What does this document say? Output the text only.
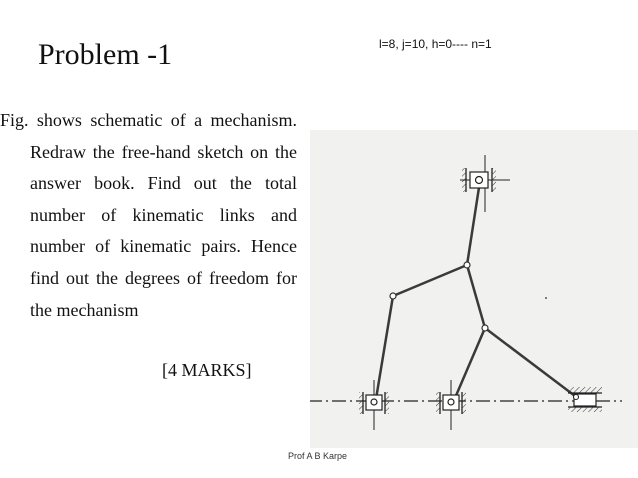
Problem -1	l=8, j=10, h=0---- n=1

Fig. shows schematic of a mechanism. Redraw the free-hand sketch on the answer book. Find out the total number of kinematic links and number of kinematic pairs. Hence find out the degrees of freedom for the mechanism

[4 MARKS]
Prof A B Karpe
